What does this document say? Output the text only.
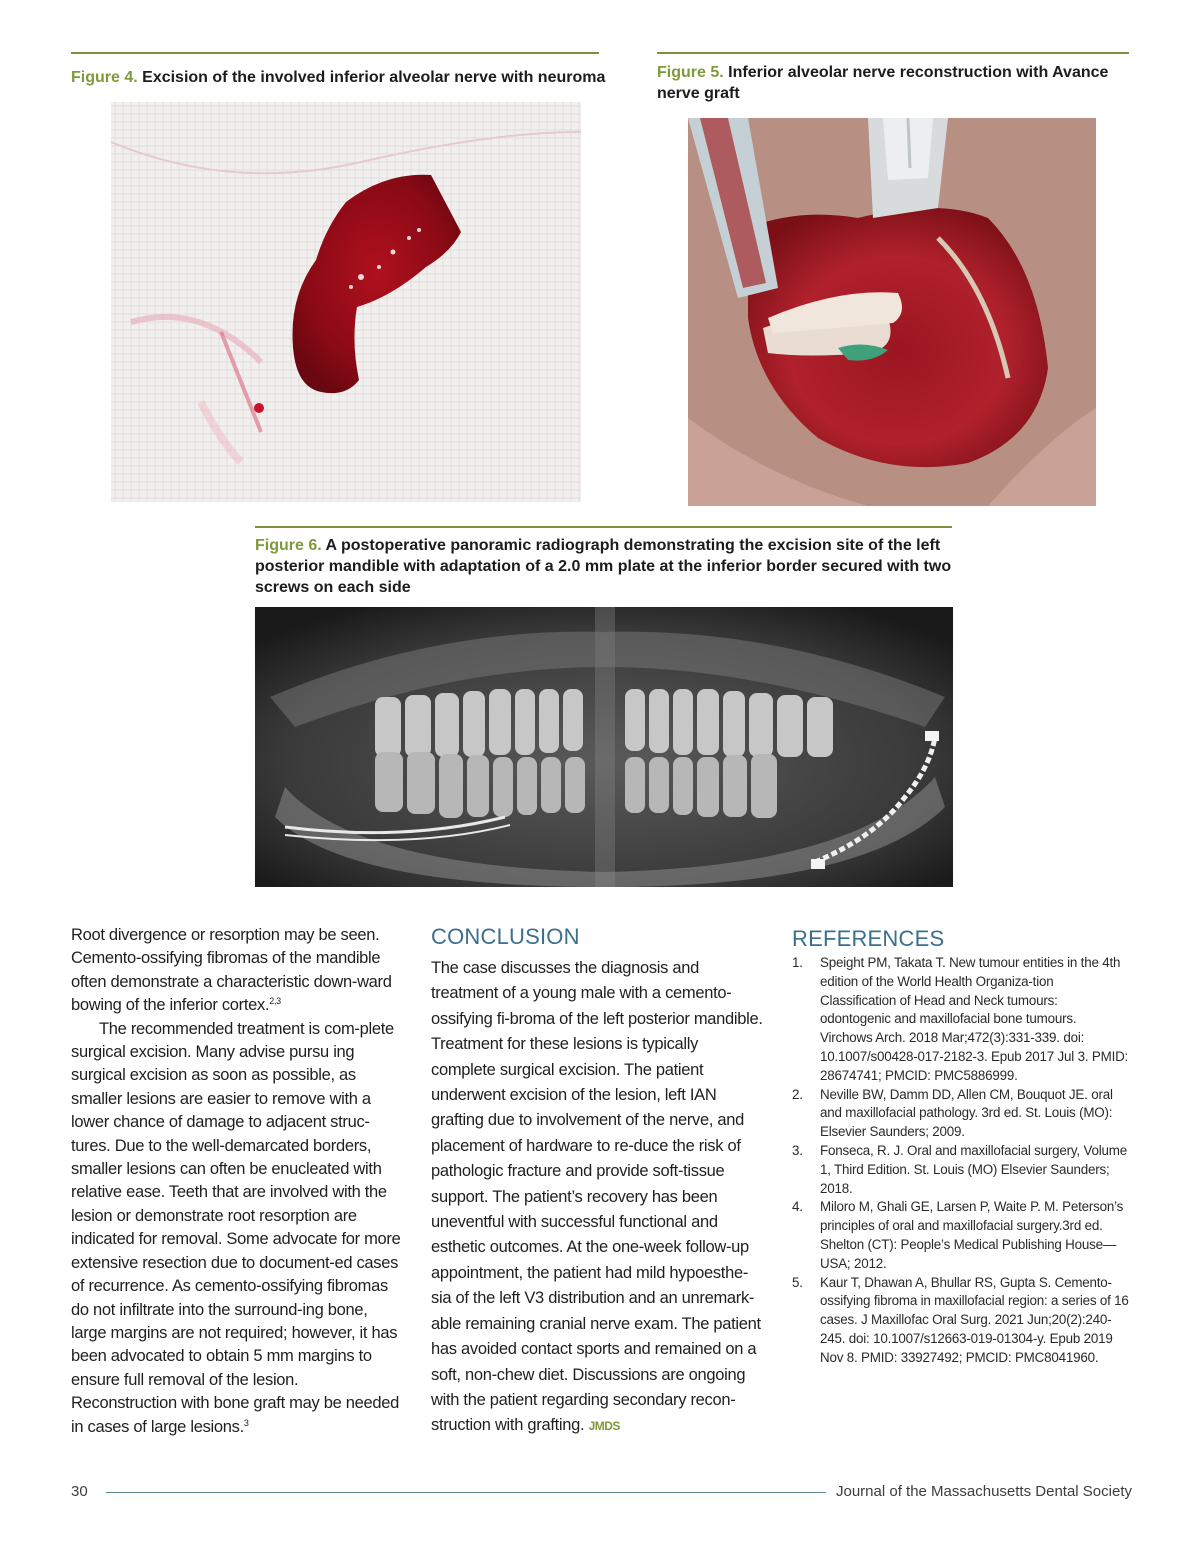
Figure 4. Excision of the involved inferior alveolar nerve with neuroma	Figure 5. Inferior alveolar nerve reconstruction with Avance nerve graft
Figure 6. A postoperative panoramic radiograph demonstrating the excision site of the left posterior mandible with adaptation of a 2.0 mm plate at the inferior border secured with two screws on each side

Root divergence or resorption may be seen. Cemento-ossifying fibromas of the mandible often demonstrate a characteristic down-ward bowing of the inferior cortex.$^{2,3}$

The recommended treatment is com-plete surgical excision. Many advise pursu ing surgical excision as soon as possible, as smaller lesions are easier to remove with a lower chance of damage to adjacent struc-tures. Due to the well-demarcated borders, smaller lesions can often be enucleated with relative ease. Teeth that are involved with the lesion or demonstrate root resorption are indicated for removal. Some advocate for more extensive resection due to document-ed cases of recurrence. As cemento-ossifying fibromas do not infiltrate into the surround-ing bone, large margins are not required; however, it has been advocated to obtain 5 mm margins to ensure full removal of the lesion. Reconstruction with bone graft may be needed in cases of large lesions.$^3$

CONCLUSION
The case discusses the diagnosis and treatment of a young male with a cemento-ossifying fi-broma of the left posterior mandible. Treatment for these lesions is typically complete surgical excision. The patient underwent excision of the lesion, left IAN grafting due to involvement of the nerve, and placement of hardware to re-duce the risk of pathologic fracture and provide soft-tissue support. The patient’s recovery has been uneventful with successful functional and esthetic outcomes. At the one-week follow-up appointment, the patient had mild hypoesthe-sia of the left V3 distribution and an unremark-able remaining cranial nerve exam. The patient has avoided contact sports and remained on a soft, non-chew diet. Discussions are ongoing with the patient regarding secondary recon-struction with grafting. JMDS
REFERENCES
1.	Speight PM, Takata T. New tumour entities in the 4th edition of the World Health Organiza-tion Classification of Head and Neck tumours: odontogenic and maxillofacial bone tumours. Virchows Arch. 2018 Mar;472(3):331-339. doi: 10.1007/s00428-017-2182-3. Epub 2017 Jul 3. PMID: 28674741; PMCID: PMC5886999.
2.	Neville BW, Damm DD, Allen CM, Bouquot JE. oral and maxillofacial pathology. 3rd ed. St. Louis (MO): Elsevier Saunders; 2009.
3.	Fonseca, R. J. Oral and maxillofacial surgery, Volume 1, Third Edition. St. Louis (MO) Elsevier Saunders; 2018.
4.	Miloro M, Ghali GE, Larsen P, Waite P. M. Peterson’s principles of oral and maxillofacial surgery.3rd ed. Shelton (CT): People’s Medical Publishing House—USA; 2012.
5.	Kaur T, Dhawan A, Bhullar RS, Gupta S. Cemento-ossifying fibroma in maxillofacial region: a series of 16 cases. J Maxillofac Oral Surg. 2021 Jun;20(2):240-245. doi: 10.1007/s12663-019-01304-y. Epub 2019 Nov 8. PMID: 33927492; PMCID: PMC8041960.
30	Journal of the Massachusetts Dental Society
